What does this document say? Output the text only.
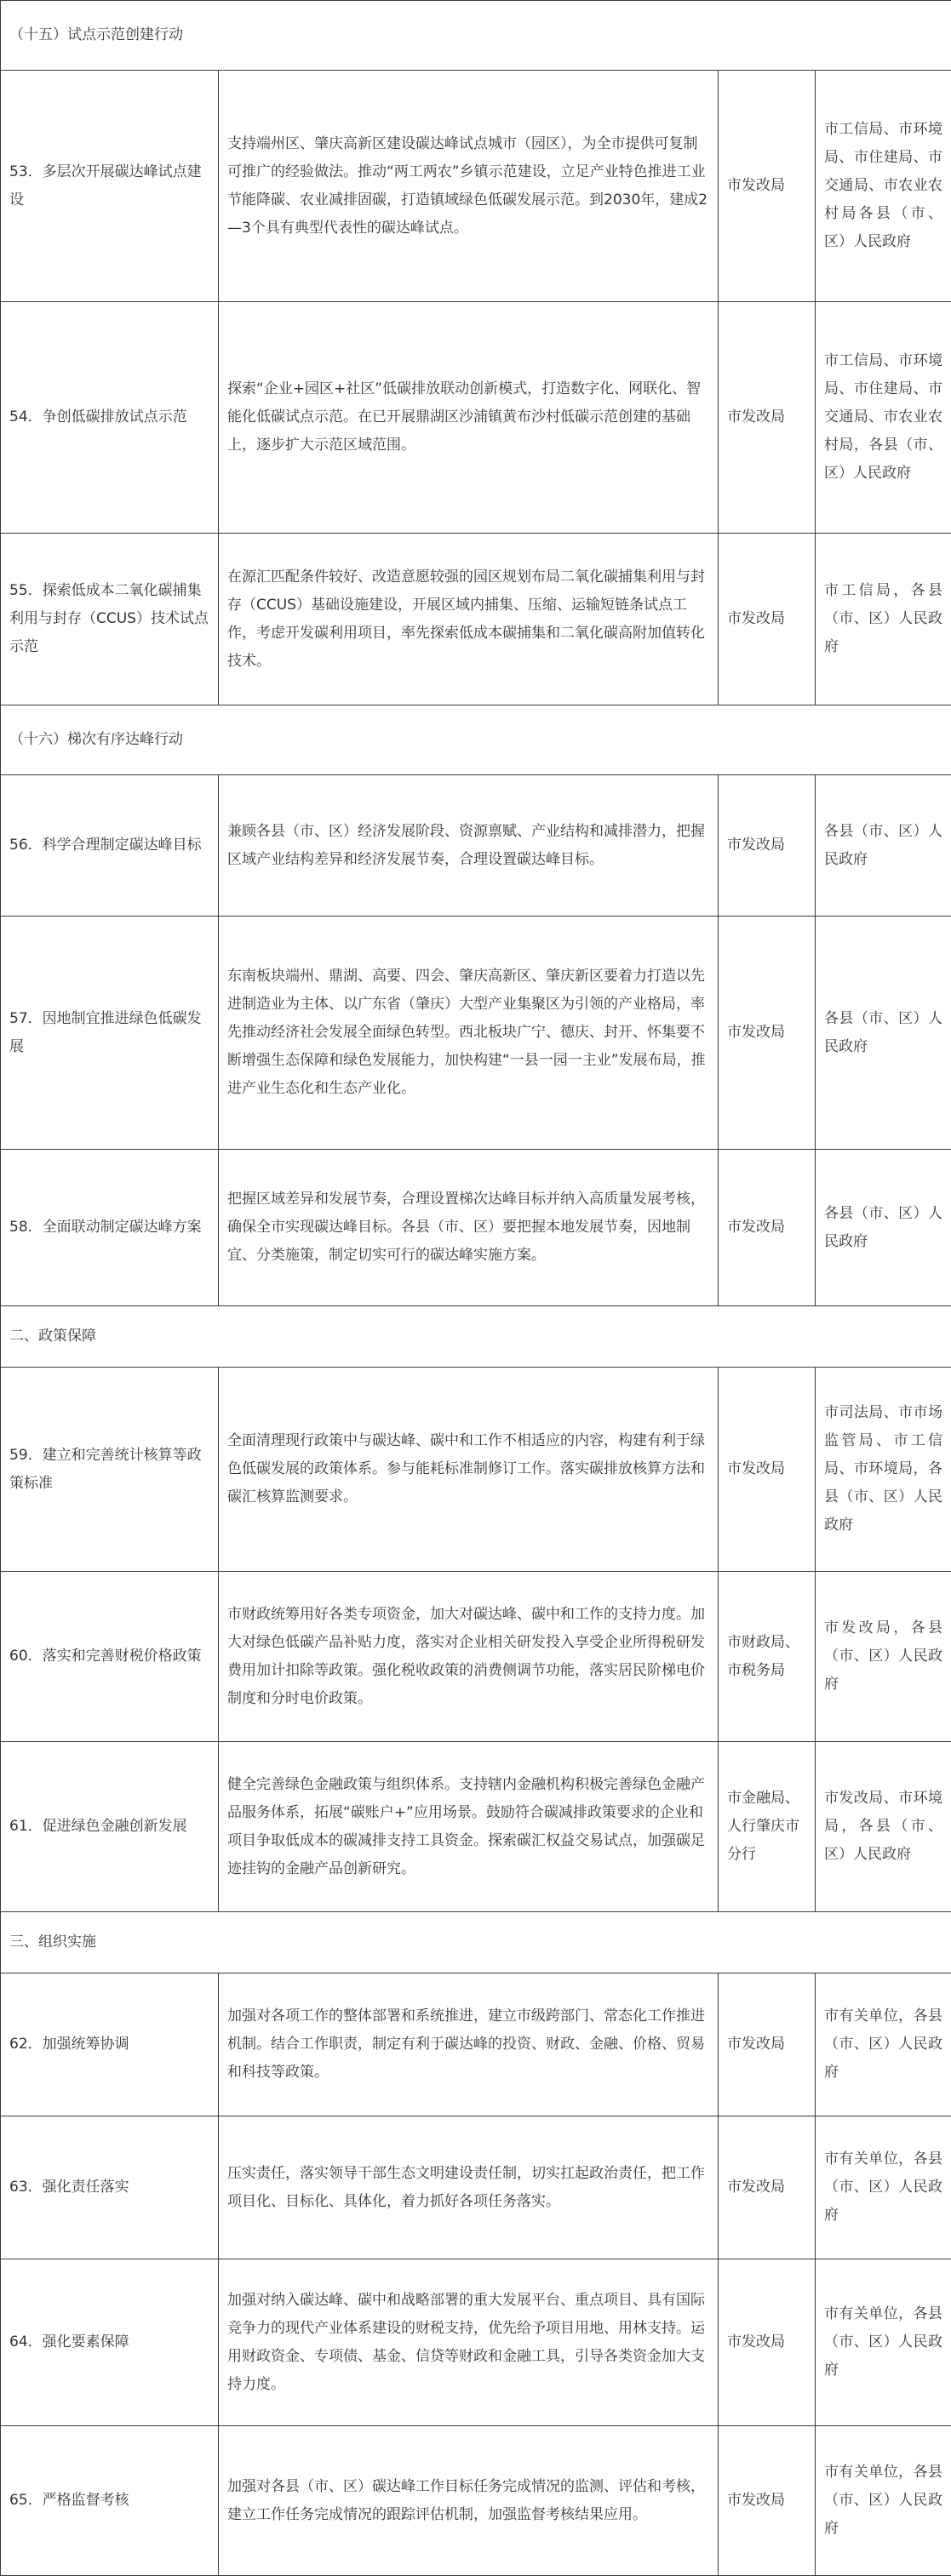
（十五）试点示范创建行动			
53．多层次开展碳达峰试点建设	支持端州区、肇庆高新区建设碳达峰试点城市（园区），为全市提供可复制可推广的经验做法。推动“两工两农”乡镇示范建设，立足产业特色推进工业节能降碳、农业减排固碳，打造镇域绿色低碳发展示范。到2030年，建成2—3个具有典型代表性的碳达峰试点。	市发改局	市工信局、市环境局、市住建局、市交通局、市农业农村局各县（市、区）人民政府
54．争创低碳排放试点示范	探索“企业+园区+社区”低碳排放联动创新模式，打造数字化、网联化、智能化低碳试点示范。在已开展鼎湖区沙浦镇黄布沙村低碳示范创建的基础上，逐步扩大示范区域范围。	市发改局	市工信局、市环境局、市住建局、市交通局、市农业农村局，各县（市、区）人民政府
55．探索低成本二氧化碳捕集利用与封存（CCUS）技术试点示范	在源汇匹配条件较好、改造意愿较强的园区规划布局二氧化碳捕集利用与封存（CCUS）基础设施建设，开展区域内捕集、压缩、运输短链条试点工作，考虑开发碳利用项目，率先探索低成本碳捕集和二氧化碳高附加值转化技术。	市发改局	市工信局，各县（市、区）人民政府
（十六）梯次有序达峰行动			
56．科学合理制定碳达峰目标	兼顾各县（市、区）经济发展阶段、资源禀赋、产业结构和减排潜力，把握区域产业结构差异和经济发展节奏，合理设置碳达峰目标。	市发改局	各县（市、区）人民政府
57．因地制宜推进绿色低碳发展	东南板块端州、鼎湖、高要、四会、肇庆高新区、肇庆新区要着力打造以先进制造业为主体、以广东省（肇庆）大型产业集聚区为引领的产业格局，率先推动经济社会发展全面绿色转型。西北板块广宁、德庆、封开、怀集要不断增强生态保障和绿色发展能力，加快构建“一县一园一主业”发展布局，推进产业生态化和生态产业化。	市发改局	各县（市、区）人民政府
58．全面联动制定碳达峰方案	把握区域差异和发展节奏，合理设置梯次达峰目标并纳入高质量发展考核，确保全市实现碳达峰目标。各县（市、区）要把握本地发展节奏，因地制宜、分类施策，制定切实可行的碳达峰实施方案。	市发改局	各县（市、区）人民政府
二、政策保障			
59．建立和完善统计核算等政策标准	全面清理现行政策中与碳达峰、碳中和工作不相适应的内容，构建有利于绿色低碳发展的政策体系。参与能耗标准制修订工作。落实碳排放核算方法和碳汇核算监测要求。	市发改局	市司法局、市市场监管局、市工信局、市环境局，各县（市、区）人民政府
60．落实和完善财税价格政策	市财政统筹用好各类专项资金，加大对碳达峰、碳中和工作的支持力度。加大对绿色低碳产品补贴力度，落实对企业相关研发投入享受企业所得税研发费用加计扣除等政策。强化税收政策的消费侧调节功能，落实居民阶梯电价制度和分时电价政策。	市财政局、市税务局	市发改局，各县（市、区）人民政府
61．促进绿色金融创新发展	健全完善绿色金融政策与组织体系。支持辖内金融机构积极完善绿色金融产品服务体系，拓展“碳账户+”应用场景。鼓励符合碳减排政策要求的企业和项目争取低成本的碳减排支持工具资金。探索碳汇权益交易试点，加强碳足迹挂钩的金融产品创新研究。	市金融局、人行肇庆市分行	市发改局、市环境局，各县（市、区）人民政府
三、组织实施			
62．加强统筹协调	加强对各项工作的整体部署和系统推进，建立市级跨部门、常态化工作推进机制。结合工作职责，制定有利于碳达峰的投资、财政、金融、价格、贸易和科技等政策。	市发改局	市有关单位，各县（市、区）人民政府
63．强化责任落实	压实责任，落实领导干部生态文明建设责任制，切实扛起政治责任，把工作项目化、目标化、具体化，着力抓好各项任务落实。	市发改局	市有关单位，各县（市、区）人民政府
64．强化要素保障	加强对纳入碳达峰、碳中和战略部署的重大发展平台、重点项目、具有国际竞争力的现代产业体系建设的财税支持，优先给予项目用地、用林支持。运用财政资金、专项债、基金、信贷等财政和金融工具，引导各类资金加大支持力度。	市发改局	市有关单位，各县（市、区）人民政府
65．严格监督考核	加强对各县（市、区）碳达峰工作目标任务完成情况的监测、评估和考核，建立工作任务完成情况的跟踪评估机制，加强监督考核结果应用。	市发改局	市有关单位，各县（市、区）人民政府
